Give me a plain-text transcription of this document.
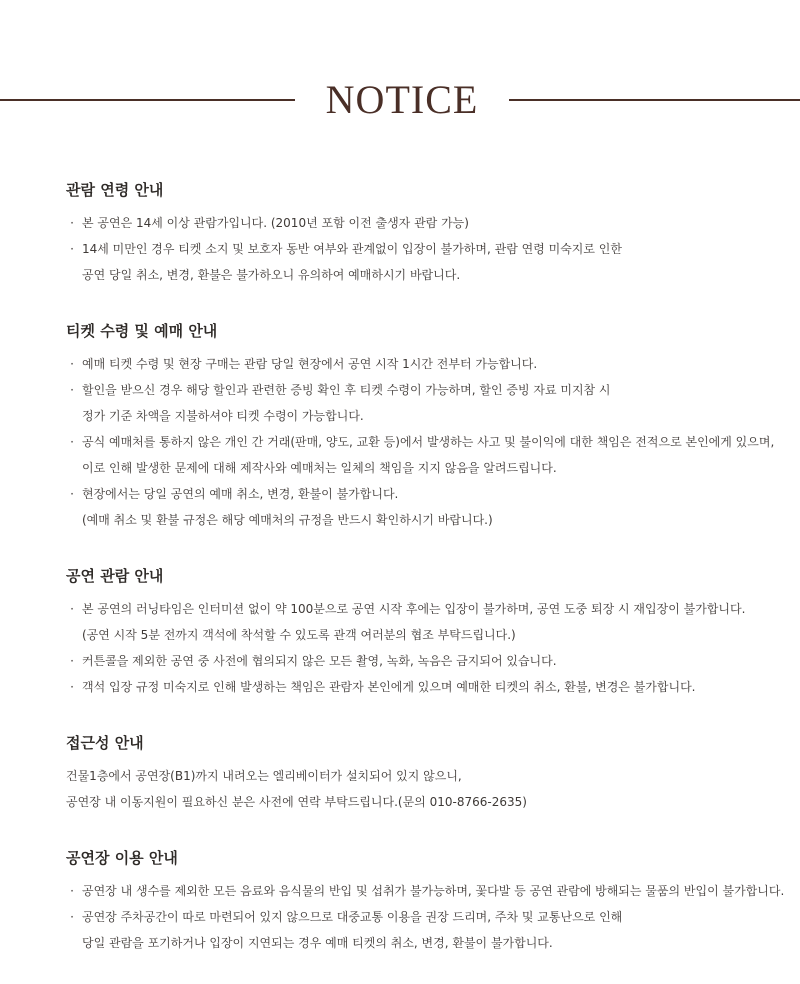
NOTICE
관람 연령 안내
· 본 공연은 14세 이상 관람가입니다. (2010년 포함 이전 출생자 관람 가능)
· 14세 미만인 경우 티켓 소지 및 보호자 동반 여부와 관계없이 입장이 불가하며, 관람 연령 미숙지로 인한
공연 당일 취소, 변경, 환불은 불가하오니 유의하여 예매하시기 바랍니다.
티켓 수령 및 예매 안내
· 예매 티켓 수령 및 현장 구매는 관람 당일 현장에서 공연 시작 1시간 전부터 가능합니다.
· 할인을 받으신 경우 해당 할인과 관련한 증빙 확인 후 티켓 수령이 가능하며, 할인 증빙 자료 미지참 시
정가 기준 차액을 지불하셔야 티켓 수령이 가능합니다.
· 공식 예매처를 통하지 않은 개인 간 거래(판매, 양도, 교환 등)에서 발생하는 사고 및 불이익에 대한 책임은 전적으로 본인에게 있으며,
이로 인해 발생한 문제에 대해 제작사와 예매처는 일체의 책임을 지지 않음을 알려드립니다.
· 현장에서는 당일 공연의 예매 취소, 변경, 환불이 불가합니다.
(예매 취소 및 환불 규정은 해당 예매처의 규정을 반드시 확인하시기 바랍니다.)
공연 관람 안내
· 본 공연의 러닝타임은 인터미션 없이 약 100분으로 공연 시작 후에는 입장이 불가하며, 공연 도중 퇴장 시 재입장이 불가합니다.
(공연 시작 5분 전까지 객석에 착석할 수 있도록 관객 여러분의 협조 부탁드립니다.)
· 커튼콜을 제외한 공연 중 사전에 협의되지 않은 모든 촬영, 녹화, 녹음은 금지되어 있습니다.
· 객석 입장 규정 미숙지로 인해 발생하는 책임은 관람자 본인에게 있으며 예매한 티켓의 취소, 환불, 변경은 불가합니다.
접근성 안내
건물1층에서 공연장(B1)까지 내려오는 엘리베이터가 설치되어 있지 않으니,
공연장 내 이동지원이 필요하신 분은 사전에 연락 부탁드립니다.(문의 010-8766-2635)
공연장 이용 안내
· 공연장 내 생수를 제외한 모든 음료와 음식물의 반입 및 섭취가 불가능하며, 꽃다발 등 공연 관람에 방해되는 물품의 반입이 불가합니다.
· 공연장 주차공간이 따로 마련되어 있지 않으므로 대중교통 이용을 권장 드리며, 주차 및 교통난으로 인해
당일 관람을 포기하거나 입장이 지연되는 경우 예매 티켓의 취소, 변경, 환불이 불가합니다.
